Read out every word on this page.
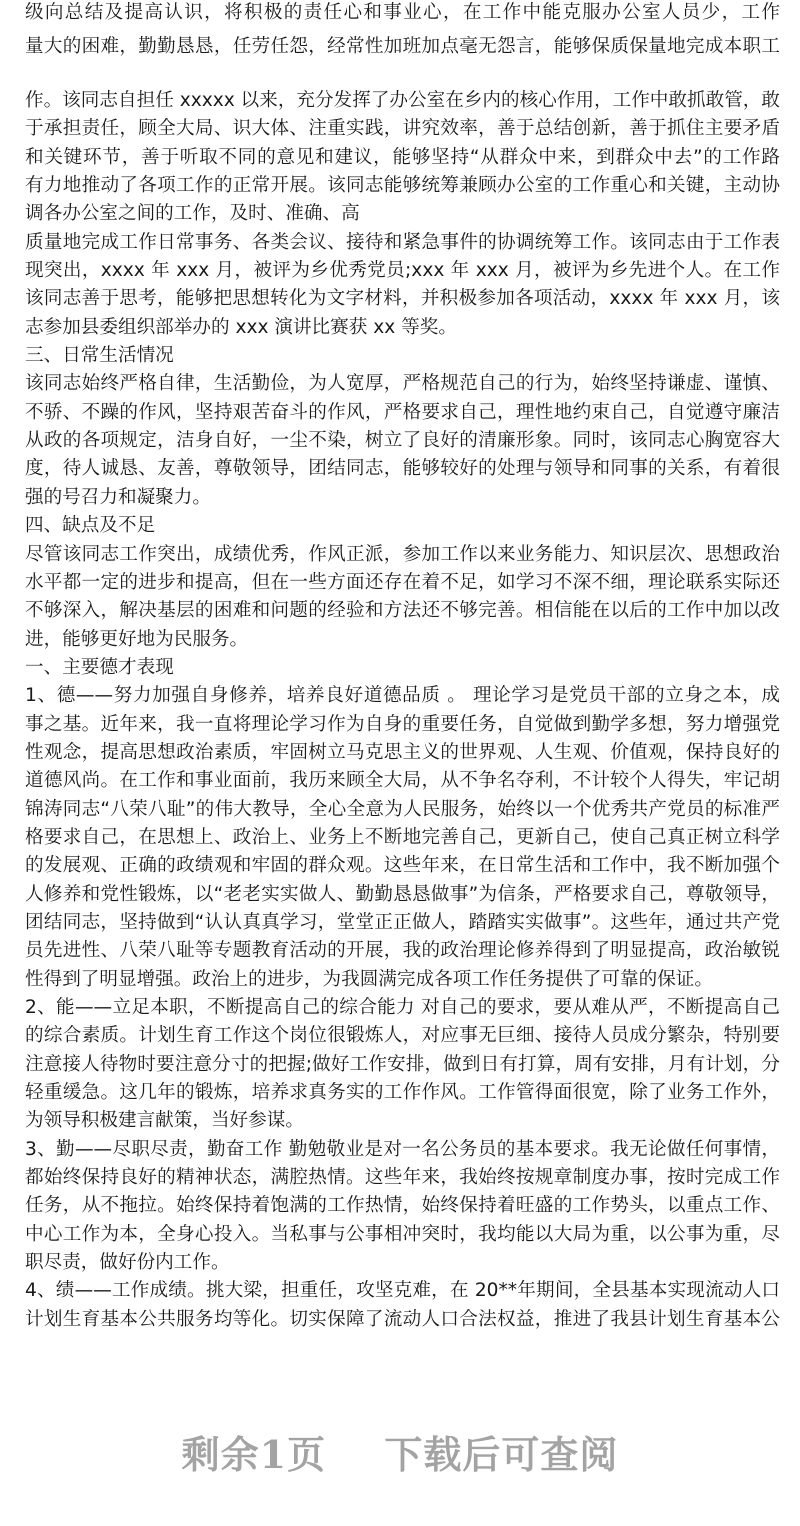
级向总结及提高认识，将积极的责任心和事业心，在工作中能克服办公室人员少，工作
量大的困难，勤勤恳恳，任劳任怨，经常性加班加点毫无怨言，能够保质保量地完成本职工
作。该同志自担任 xxxxx 以来，充分发挥了办公室在乡内的核心作用，工作中敢抓敢管，敢
于承担责任，顾全大局、识大体、注重实践，讲究效率，善于总结创新，善于抓住主要矛盾
和关键环节，善于听取不同的意见和建议，能够坚持“从群众中来，到群众中去”的工作路
有力地推动了各项工作的正常开展。该同志能够统筹兼顾办公室的工作重心和关键，主动协
调各办公室之间的工作，及时、准确、高
质量地完成工作日常事务、各类会议、接待和紧急事件的协调统筹工作。该同志由于工作表
现突出，xxxx 年 xxx 月，被评为乡优秀党员;xxx 年 xxx 月，被评为乡先进个人。在工作
该同志善于思考，能够把思想转化为文字材料，并积极参加各项活动，xxxx 年 xxx 月，该
志参加县委组织部举办的 xxx 演讲比赛获 xx 等奖。
三、日常生活情况
该同志始终严格自律，生活勤俭，为人宽厚，严格规范自己的行为，始终坚持谦虚、谨慎、
不骄、不躁的作风，坚持艰苦奋斗的作风，严格要求自己，理性地约束自己，自觉遵守廉洁
从政的各项规定，洁身自好，一尘不染，树立了良好的清廉形象。同时，该同志心胸宽容大
度，待人诚恳、友善，尊敬领导，团结同志，能够较好的处理与领导和同事的关系，有着很
强的号召力和凝聚力。
四、缺点及不足
尽管该同志工作突出，成绩优秀，作风正派，参加工作以来业务能力、知识层次、思想政治
水平都一定的进步和提高，但在一些方面还存在着不足，如学习不深不细，理论联系实际还
不够深入，解决基层的困难和问题的经验和方法还不够完善。相信能在以后的工作中加以改
进，能够更好地为民服务。
一、主要德才表现
1、德——努力加强自身修养，培养良好道德品质 。 理论学习是党员干部的立身之本，成
事之基。近年来，我一直将理论学习作为自身的重要任务，自觉做到勤学多想，努力增强党
性观念，提高思想政治素质，牢固树立马克思主义的世界观、人生观、价值观，保持良好的
道德风尚。在工作和事业面前，我历来顾全大局，从不争名夺利，不计较个人得失，牢记胡
锦涛同志“八荣八耻”的伟大教导，全心全意为人民服务，始终以一个优秀共产党员的标准严
格要求自己，在思想上、政治上、业务上不断地完善自己，更新自己，使自己真正树立科学
的发展观、正确的政绩观和牢固的群众观。这些年来，在日常生活和工作中，我不断加强个
人修养和党性锻炼，以“老老实实做人、勤勤恳恳做事”为信条，严格要求自己，尊敬领导，
团结同志，坚持做到“认认真真学习，堂堂正正做人，踏踏实实做事”。这些年，通过共产党
员先进性、八荣八耻等专题教育活动的开展，我的政治理论修养得到了明显提高，政治敏锐
性得到了明显增强。政治上的进步，为我圆满完成各项工作任务提供了可靠的保证。
2、能——立足本职，不断提高自己的综合能力 对自己的要求，要从难从严，不断提高自己
的综合素质。计划生育工作这个岗位很锻炼人，对应事无巨细、接待人员成分繁杂，特别要
注意接人待物时要注意分寸的把握;做好工作安排，做到日有打算，周有安排，月有计划，分
轻重缓急。这几年的锻炼，培养求真务实的工作作风。工作管得面很宽，除了业务工作外，
为领导积极建言献策，当好参谋。
3、勤——尽职尽责，勤奋工作 勤勉敬业是对一名公务员的基本要求。我无论做任何事情，
都始终保持良好的精神状态，满腔热情。这些年来，我始终按规章制度办事，按时完成工作
任务，从不拖拉。始终保持着饱满的工作热情，始终保持着旺盛的工作势头，以重点工作、
中心工作为本，全身心投入。当私事与公事相冲突时，我均能以大局为重，以公事为重，尽
职尽责，做好份内工作。
4、绩——工作成绩。挑大梁，担重任，攻坚克难，在 20**年期间，全县基本实现流动人口
计划生育基本公共服务均等化。切实保障了流动人口合法权益，推进了我县计划生育基本公
剩余1页 下载后可查阅
